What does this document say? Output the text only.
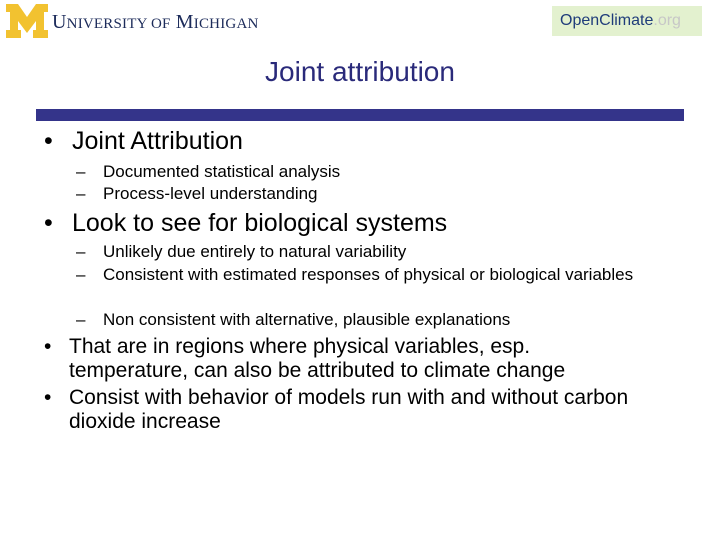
UNIVERSITY OF MICHIGAN	Open Climate .org
Joint attribution
• Joint Attribution
–	Documented statistical analysis
–	Process-level understanding
• Look to see for biological systems
–	Unlikely due entirely to natural variability
–	Consistent with estimated responses of physical or biological variables
–	Non consistent with alternative, plausible explanations
• That are in regions where physical variables, esp. temperature, can also be attributed to climate change
• Consist with behavior of models run with and without carbon dioxide increase
